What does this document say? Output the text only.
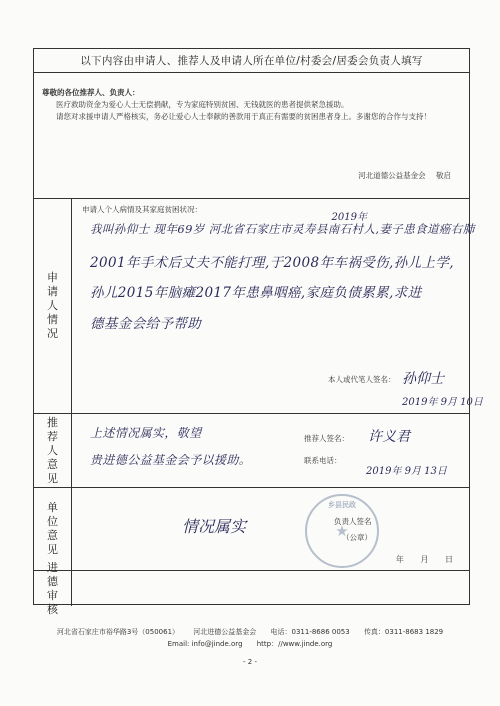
以下内容由申请人、推荐人及申请人所在单位/村委会/居委会负责人填写
尊敬的各位推荐人、负责人：
医疗救助资金为爱心人士无偿捐献，专为家庭特别贫困、无钱就医的患者提供紧急援助。
请您对求援申请人严格核实，务必让爱心人士奉献的善款用于真正有需要的贫困患者身上。多谢您的合作与支持！
河北道德公益基金会 敬启
申请人情况
申请人个人病情及其家庭贫困状况：
2019年
我叫孙仰士 现年69岁 河北省石家庄市灵寿县南石村人,妻子患食道癌右肺
2001年手术后丈夫不能打理,于2008年车祸受伤,孙儿上学,
孙儿2015年脑瘫2017年患鼻咽癌,家庭负债累累,求进
德基金会给予帮助
本人或代笔人签名： 孙仰士
2019年 9月 10日
推荐人意见
上述情况属实，敬望
贵进德公益基金会予以援助。
推荐人签名： 许义君
联系电话：
2019年 9月 13日
单位意见
情况属实
乡县民政
★
负责人签名
（公章）
年 月 日
进德审核
河北省石家庄市裕华路3号（050061） 河北进德公益基金会 电话：0311-8686 0053 传真：0311-8683 1829
Email: info@jinde.org http：//www.jinde.org
- 2 -
